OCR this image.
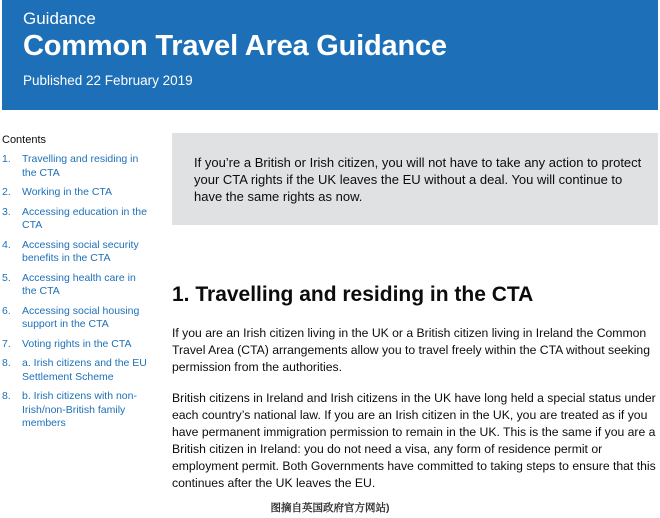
Guidance
Common Travel Area Guidance
Published 22 February 2019
Contents
1.	Travelling and residing in the CTA
2.	Working in the CTA
3.	Accessing education in the CTA
4.	Accessing social security benefits in the CTA
5.	Accessing health care in the CTA
6.	Accessing social housing support in the CTA
7.	Voting rights in the CTA
8.	a. Irish citizens and the EU Settlement Scheme
8.	b. Irish citizens with non-Irish/non-British family members
If you’re a British or Irish citizen, you will not have to take any action to protect your CTA rights if the UK leaves the EU without a deal. You will continue to have the same rights as now.
1. Travelling and residing in the CTA

If you are an Irish citizen living in the UK or a British citizen living in Ireland the Common Travel Area (CTA) arrangements allow you to travel freely within the CTA without seeking permission from the authorities.

British citizens in Ireland and Irish citizens in the UK have long held a special status under each country’s national law. If you are an Irish citizen in the UK, you are treated as if you have permanent immigration permission to remain in the UK. This is the same if you are a British citizen in Ireland: you do not need a visa, any form of residence permit or employment permit. Both Governments have committed to taking steps to ensure that this continues after the UK leaves the EU.

图摘自英国政府官方网站)
